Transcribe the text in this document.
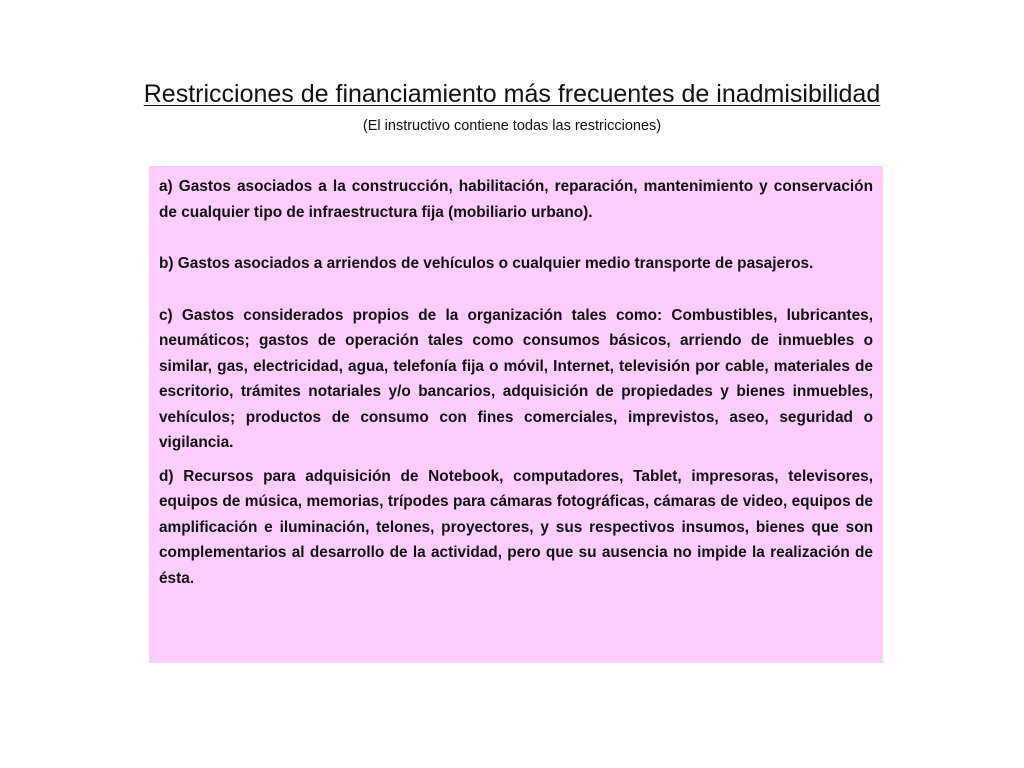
Restricciones de financiamiento más frecuentes de inadmisibilidad
(El instructivo contiene todas las restricciones)

a) Gastos asociados a la construcción, habilitación, reparación, mantenimiento y conservación de cualquier tipo de infraestructura fija (mobiliario urbano).

b) Gastos asociados a arriendos de vehículos o cualquier medio transporte de pasajeros.

c) Gastos considerados propios de la organización tales como: Combustibles, lubricantes, neumáticos; gastos de operación tales como consumos básicos, arriendo de inmuebles o similar, gas, electricidad, agua, telefonía fija o móvil, Internet, televisión por cable, materiales de escritorio, trámites notariales y/o bancarios, adquisición de propiedades y bienes inmuebles, vehículos; productos de consumo con fines comerciales, imprevistos, aseo, seguridad o vigilancia.

d) Recursos para adquisición de Notebook, computadores, Tablet, impresoras, televisores, equipos de música, memorias, trípodes para cámaras fotográficas, cámaras de video, equipos de amplificación e iluminación, telones, proyectores, y sus respectivos insumos, bienes que son complementarios al desarrollo de la actividad, pero que su ausencia no impide la realización de ésta.
